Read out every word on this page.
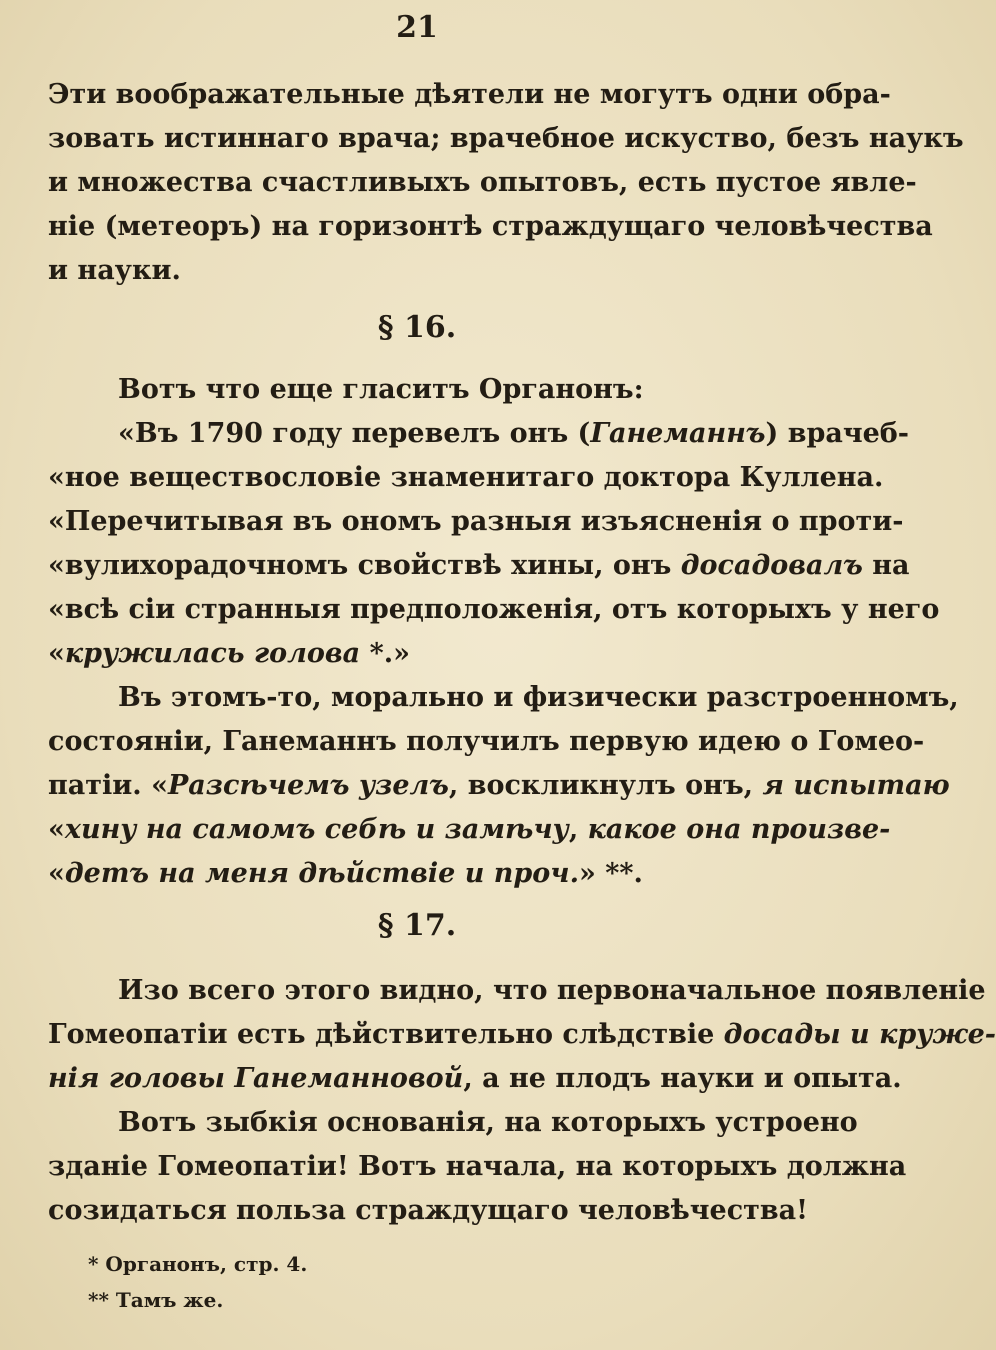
21
Эти воображательные дѣятели не могутъ одни обра-
зовать истиннаго врача; врачебное искуство, безъ наукъ
и множества счастливыхъ опытовъ, есть пустое явле-
ніе (метеоръ) на горизонтѣ страждущаго человѣчества
и науки.
§ 16.
Вотъ что еще гласитъ Органонъ:
«Въ 1790 году перевелъ онъ (Ганеманнъ) врачеб-
«ное веществословіе знаменитаго доктора Куллена.
«Перечитывая въ ономъ разныя изъясненія о проти-
«вулихорадочномъ свойствѣ хины, онъ досадовалъ на
«всѣ сіи странныя предположенія, отъ которыхъ у него
«кружилась голова *.»
Въ этомъ-то, морально и физически разстроенномъ,
состояніи, Ганеманнъ получилъ первую идею о Гомео-
патіи. «Разсѣчемъ узелъ, воскликнулъ онъ, я испытаю
«хину на самомъ себѣ и замѣчу, какое она произве-
«детъ на меня дѣйствіе и проч.» **.
§ 17.
Изо всего этого видно, что первоначальное появленіе
Гомеопатіи есть дѣйствительно слѣдствіе досады и круже-
нія головы Ганеманновой, а не плодъ науки и опыта.
Вотъ зыбкія основанія, на которыхъ устроено
зданіе Гомеопатіи! Вотъ начала, на которыхъ должна
созидаться польза страждущаго человѣчества!
* Органонъ, стр. 4.
** Тамъ же.
